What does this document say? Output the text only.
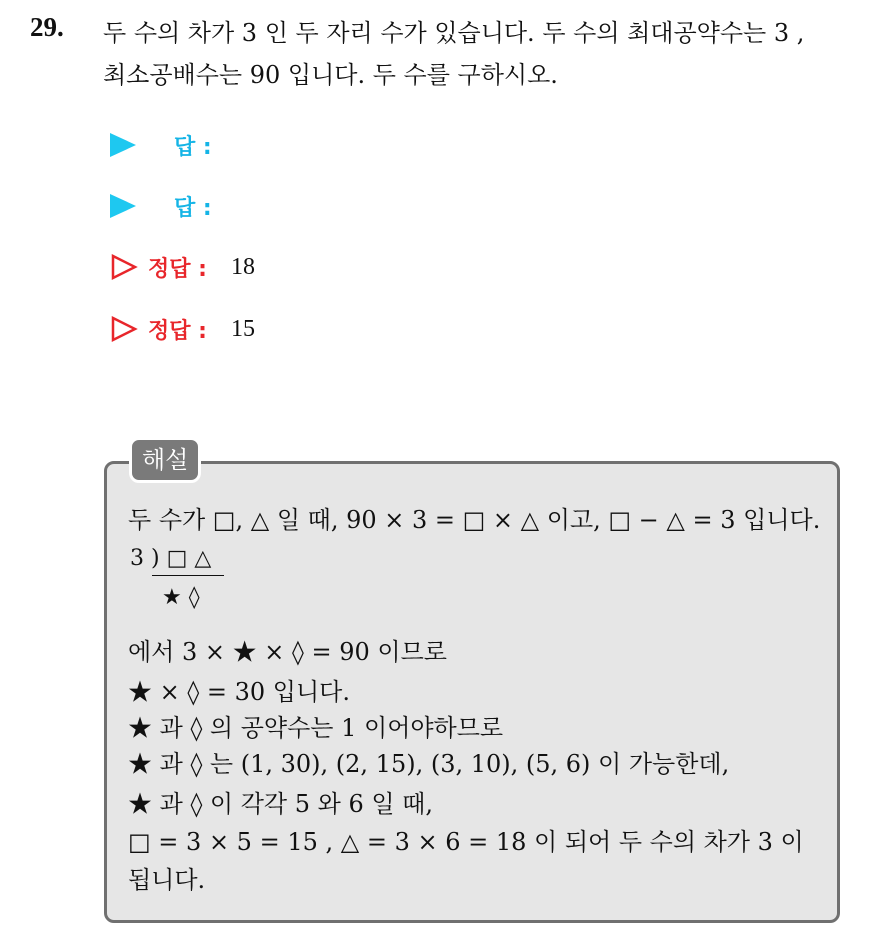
29. 두 수의 차가 3 인 두 자리 수가 있습니다. 두 수의 최대공약수는 3 ,
최소공배수는 90 입니다. 두 수를 구하시오.
답 :
답 :
정답 : 18
정답 : 15
해설
두 수가 □, △ 일 때, 90 × 3 = □ × △ 이고, □ − △ = 3 입니다.
3 ) □ △
★ ◊
에서 3 × ★ × ◊ = 90 이므로
★ × ◊ = 30 입니다.
★ 과 ◊ 의 공약수는 1 이어야하므로
★ 과 ◊ 는 (1, 30), (2, 15), (3, 10), (5, 6) 이 가능한데,
★ 과 ◊ 이 각각 5 와 6 일 때,
□ = 3 × 5 = 15 , △ = 3 × 6 = 18 이 되어 두 수의 차가 3 이
됩니다.
